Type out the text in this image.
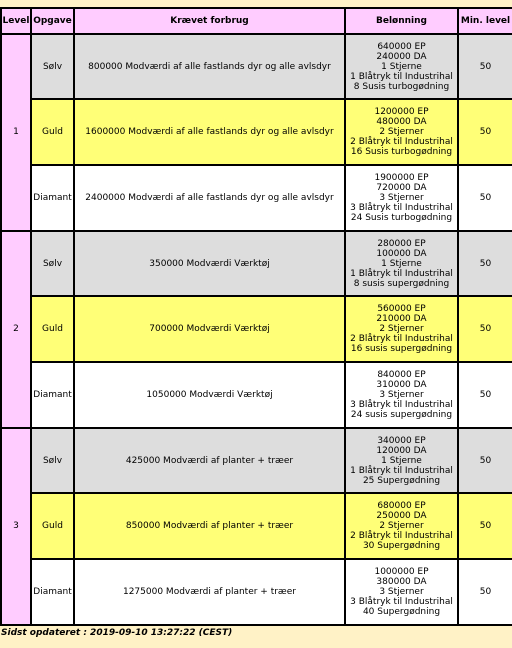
Level	Opgave	Krævet forbrug	Belønning	Min. level
1	Sølv	800000 Modværdi af alle fastlands dyr og alle avlsdyr	640000 EP
240000 DA
1 Stjerne
1 Blåtryk til Industrihal
8 Susis turbogødning	50
	Guld	1600000 Modværdi af alle fastlands dyr og alle avlsdyr	1200000 EP
480000 DA
2 Stjerner
2 Blåtryk til Industrihal
16 Susis turbogødning	50
	Diamant	2400000 Modværdi af alle fastlands dyr og alle avlsdyr	1900000 EP
720000 DA
3 Stjerner
3 Blåtryk til Industrihal
24 Susis turbogødning	50
2	Sølv	350000 Modværdi Værktøj	280000 EP
100000 DA
1 Stjerne
1 Blåtryk til Industrihal
8 susis supergødning	50
	Guld	700000 Modværdi Værktøj	560000 EP
210000 DA
2 Stjerner
2 Blåtryk til Industrihal
16 susis supergødning	50
	Diamant	1050000 Modværdi Værktøj	840000 EP
310000 DA
3 Stjerner
3 Blåtryk til Industrihal
24 susis supergødning	50
3	Sølv	425000 Modværdi af planter + træer	340000 EP
120000 DA
1 Stjerne
1 Blåtryk til Industrihal
25 Supergødning	50
	Guld	850000 Modværdi af planter + træer	680000 EP
250000 DA
2 Stjerner
2 Blåtryk til Industrihal
30 Supergødning	50
	Diamant	1275000 Modværdi af planter + træer	1000000 EP
380000 DA
3 Stjerner
3 Blåtryk til Industrihal
40 Supergødning	50
Sidst opdateret : 2019-09-10 13:27:22 (CEST)
